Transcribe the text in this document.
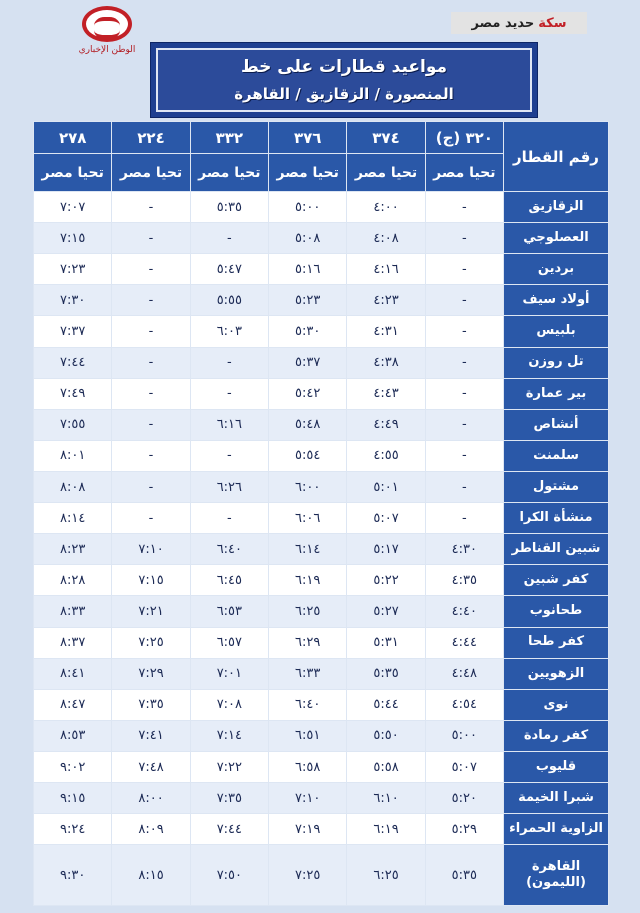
الوطن الإخباري
سكة
حديد مصر
مواعيد قطارات على خط
المنصورة / الزقازيق / القاهرة
رقم القطار	٣٢٠ (ج)	٣٧٤	٣٧٦	٣٣٢	٢٢٤	٢٧٨
	تحيا مصر	تحيا مصر	تحيا مصر	تحيا مصر	تحيا مصر	تحيا مصر
الزقازيق	-	٤:٠٠	٥:٠٠	٥:٣٥	-	٧:٠٧
العصلوجي	-	٤:٠٨	٥:٠٨	-	-	٧:١٥
بردين	-	٤:١٦	٥:١٦	٥:٤٧	-	٧:٢٣
أولاد سيف	-	٤:٢٣	٥:٢٣	٥:٥٥	-	٧:٣٠
بلبيس	-	٤:٣١	٥:٣٠	٦:٠٣	-	٧:٣٧
تل روزن	-	٤:٣٨	٥:٣٧	-	-	٧:٤٤
بير عمارة	-	٤:٤٣	٥:٤٢	-	-	٧:٤٩
أنشاص	-	٤:٤٩	٥:٤٨	٦:١٦	-	٧:٥٥
سلمنت	-	٤:٥٥	٥:٥٤	-	-	٨:٠١
مشتول	-	٥:٠١	٦:٠٠	٦:٢٦	-	٨:٠٨
منشأة الكرا	-	٥:٠٧	٦:٠٦	-	-	٨:١٤
شبين القناطر	٤:٣٠	٥:١٧	٦:١٤	٦:٤٠	٧:١٠	٨:٢٣
كفر شبين	٤:٣٥	٥:٢٢	٦:١٩	٦:٤٥	٧:١٥	٨:٢٨
طحانوب	٤:٤٠	٥:٢٧	٦:٢٥	٦:٥٣	٧:٢١	٨:٣٣
كفر طحا	٤:٤٤	٥:٣١	٦:٢٩	٦:٥٧	٧:٢٥	٨:٣٧
الزهويين	٤:٤٨	٥:٣٥	٦:٣٣	٧:٠١	٧:٢٩	٨:٤١
نوى	٤:٥٤	٥:٤٤	٦:٤٠	٧:٠٨	٧:٣٥	٨:٤٧
كفر رمادة	٥:٠٠	٥:٥٠	٦:٥١	٧:١٤	٧:٤١	٨:٥٣
قليوب	٥:٠٧	٥:٥٨	٦:٥٨	٧:٢٢	٧:٤٨	٩:٠٢
شبرا الخيمة	٥:٢٠	٦:١٠	٧:١٠	٧:٣٥	٨:٠٠	٩:١٥
الزاوية الحمراء	٥:٢٩	٦:١٩	٧:١٩	٧:٤٤	٨:٠٩	٩:٢٤
القاهرة (الليمون)	٥:٣٥	٦:٢٥	٧:٢٥	٧:٥٠	٨:١٥	٩:٣٠
